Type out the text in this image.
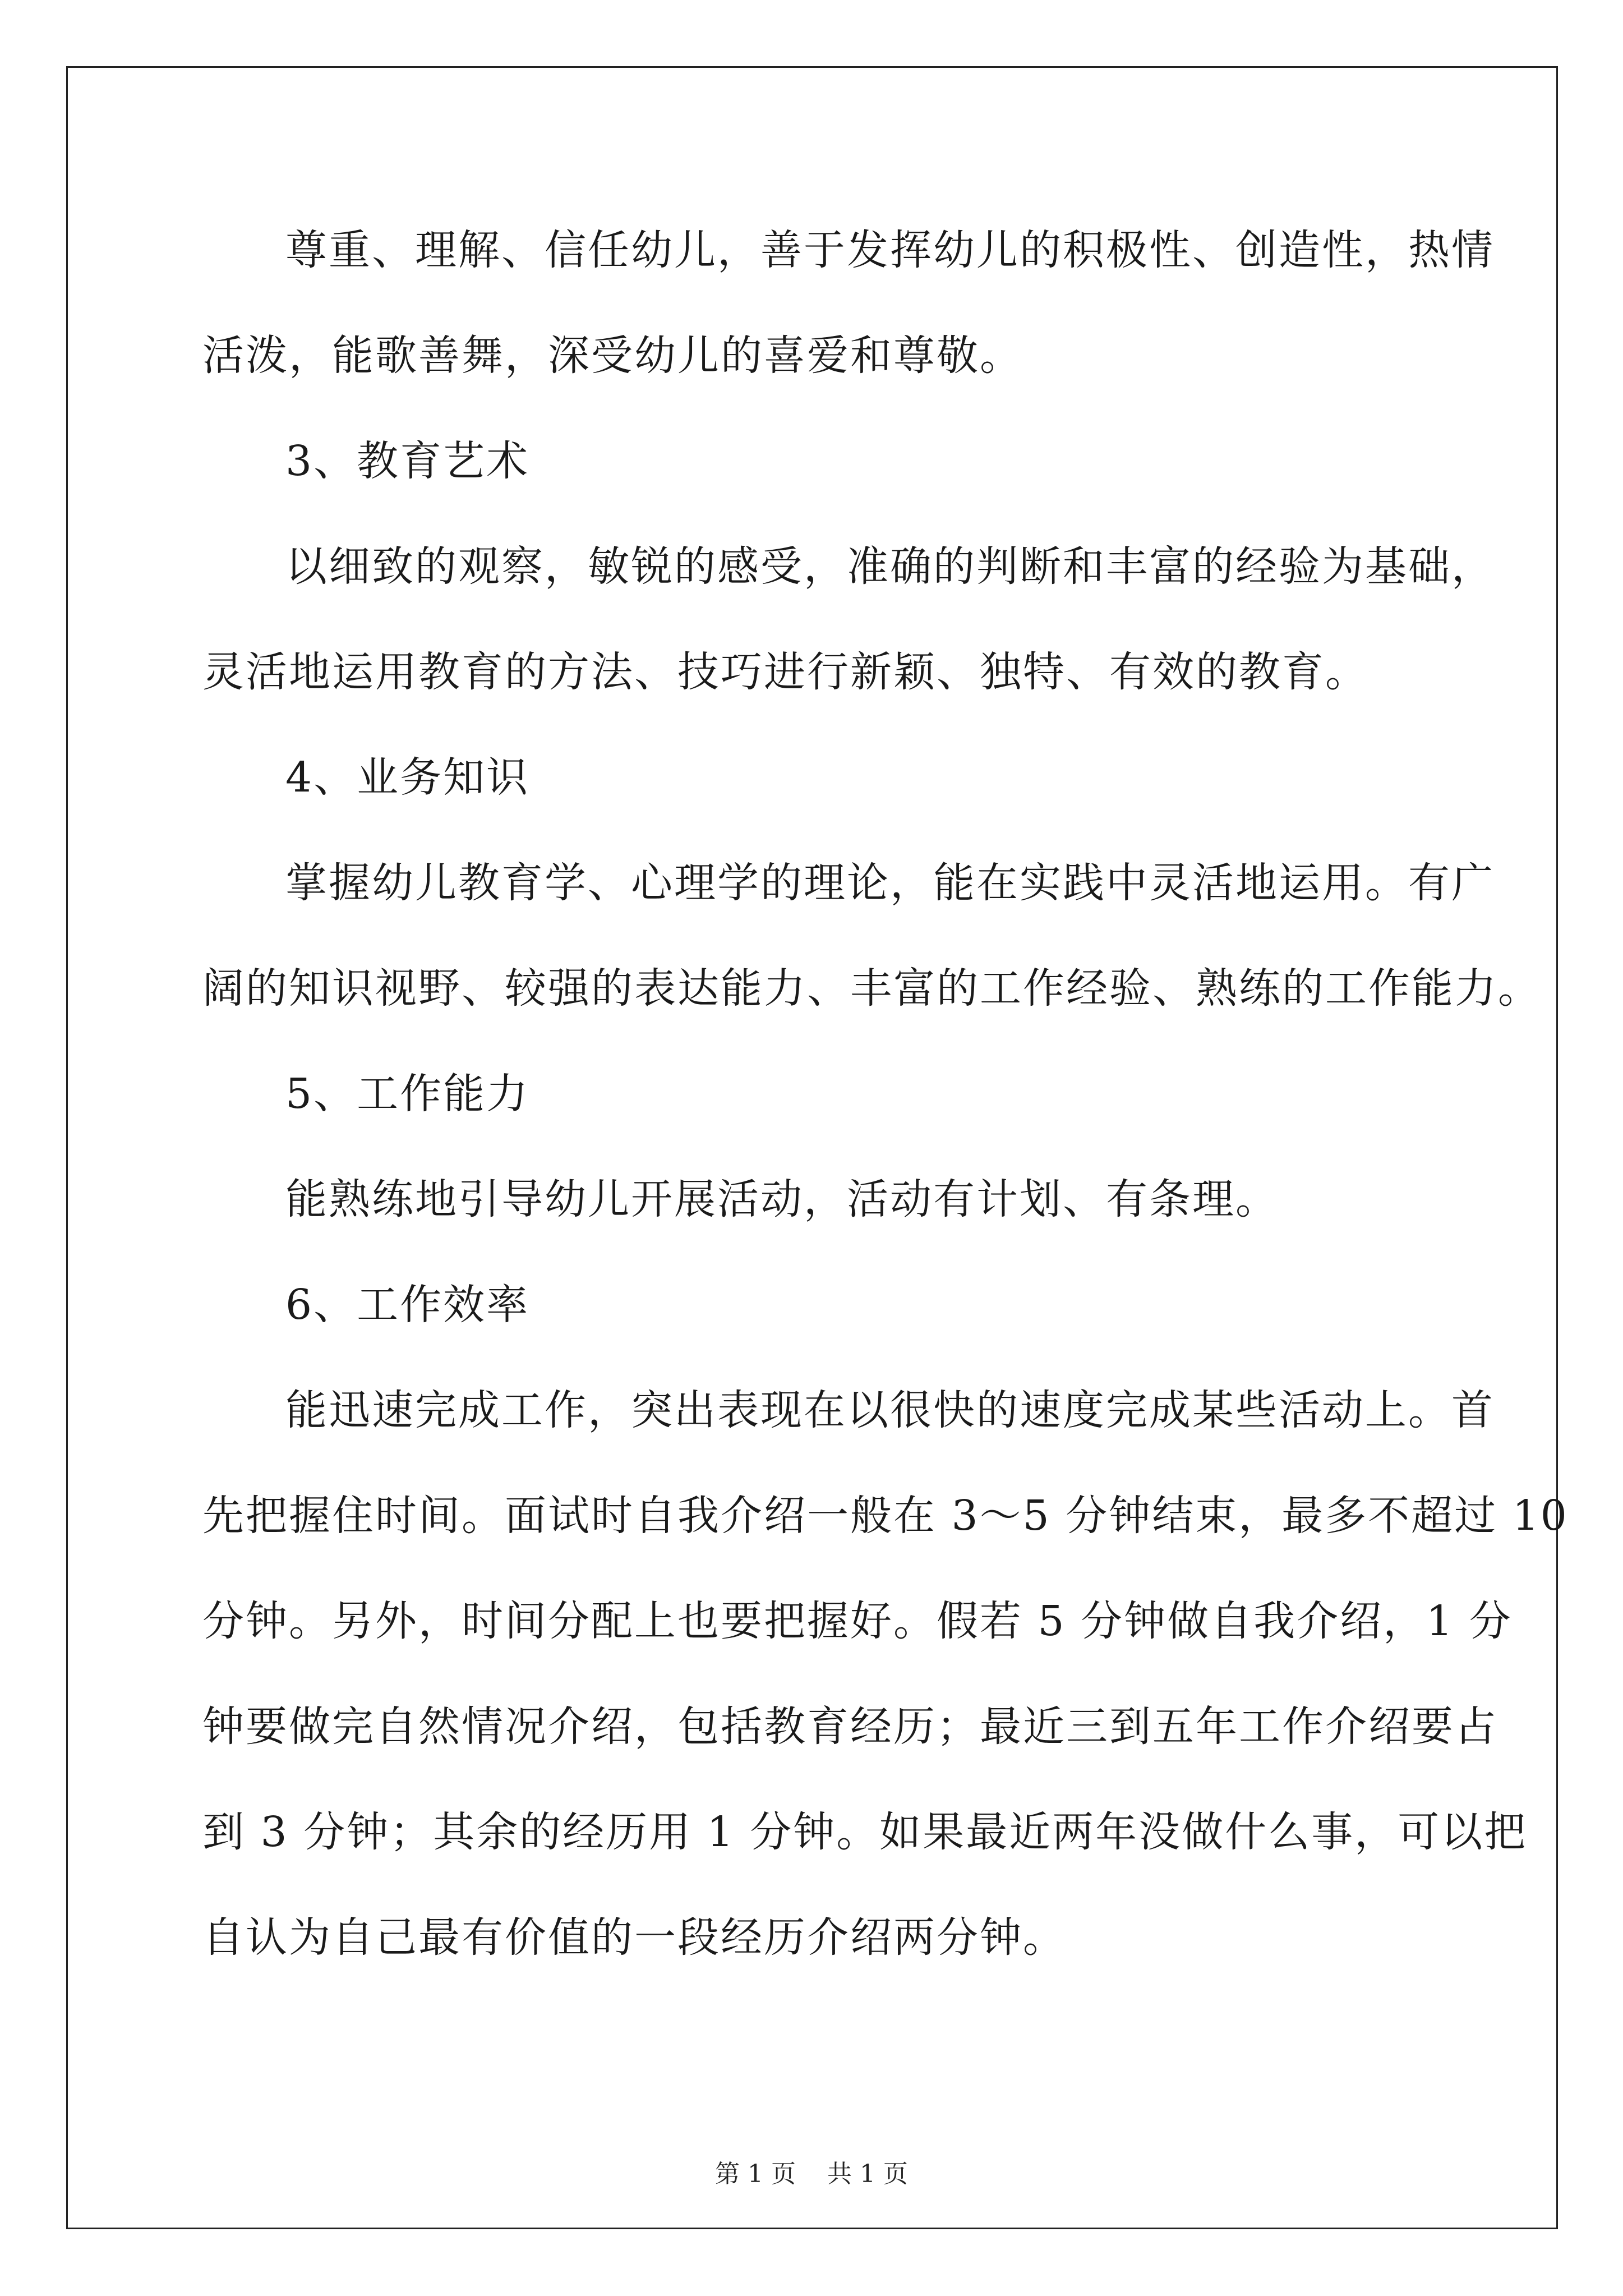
尊重、理解、信任幼儿，善于发挥幼儿的积极性、创造性，热情
活泼，能歌善舞，深受幼儿的喜爱和尊敬。
3、教育艺术
以细致的观察，敏锐的感受，准确的判断和丰富的经验为基础，
灵活地运用教育的方法、技巧进行新颖、独特、有效的教育。
4、业务知识
掌握幼儿教育学、心理学的理论，能在实践中灵活地运用。有广
阔的知识视野、较强的表达能力、丰富的工作经验、熟练的工作能力。
5、工作能力
能熟练地引导幼儿开展活动，活动有计划、有条理。
6、工作效率
能迅速完成工作，突出表现在以很快的速度完成某些活动上。首
先把握住时间。面试时自我介绍一般在 3～5 分钟结束，最多不超过 10
分钟。另外，时间分配上也要把握好。假若 5 分钟做自我介绍，1 分
钟要做完自然情况介绍，包括教育经历；最近三到五年工作介绍要占
到 3 分钟；其余的经历用 1 分钟。如果最近两年没做什么事，可以把
自认为自己最有价值的一段经历介绍两分钟。
第 1 页    共 1 页
